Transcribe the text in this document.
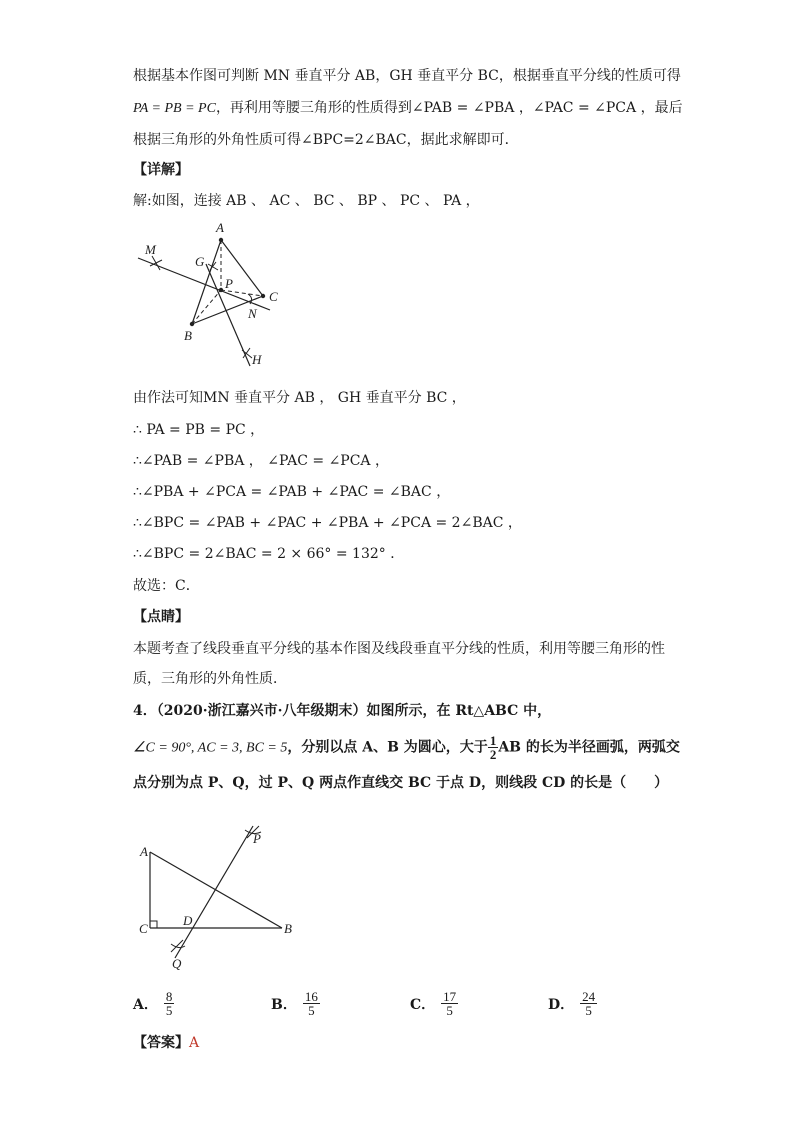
根据基本作图可判断 MN 垂直平分 AB，GH 垂直平分 BC，根据垂直平分线的性质可得
PA = PB = PC，再利用等腰三角形的性质得到∠PAB = ∠PBA ，∠PAC = ∠PCA ，最后
根据三角形的外角性质可得∠BPC=2∠BAC，据此求解即可．
【详解】
解:如图，连接 AB 、 AC 、 BC 、 BP 、 PC 、 PA ，
A
B
C
M
N
G
H
P
由作法可知MN 垂直平分 AB ， GH 垂直平分 BC ，
∴ PA = PB = PC ，
∴∠PAB = ∠PBA ， ∠PAC = ∠PCA ，
∴∠PBA + ∠PCA = ∠PAB + ∠PAC = ∠BAC ，
∴∠BPC = ∠PAB + ∠PAC + ∠PBA + ∠PCA = 2∠BAC ，
∴∠BPC = 2∠BAC = 2 × 66° = 132° ．
故选：C．
【点睛】
本题考查了线段垂直平分线的基本作图及线段垂直平分线的性质，利用等腰三角形的性
质，三角形的外角性质．
4．（2020·浙江嘉兴市·八年级期末）如图所示，在 Rt△ABC 中，
∠C = 90°, AC = 3, BC = 5，分别以点 A、B 为圆心，大于 $\frac{1}{2}$ AB 的长为半径画弧，两弧交
点分别为点 P、Q，过 P、Q 两点作直线交 BC 于点 D，则线段 CD 的长是（　　）
A
C	B
D
P
Q
A． $\frac{8}{5}$	B． $\frac{16}{5}$	C． $\frac{17}{5}$	D． $\frac{24}{5}$
【答案】A
